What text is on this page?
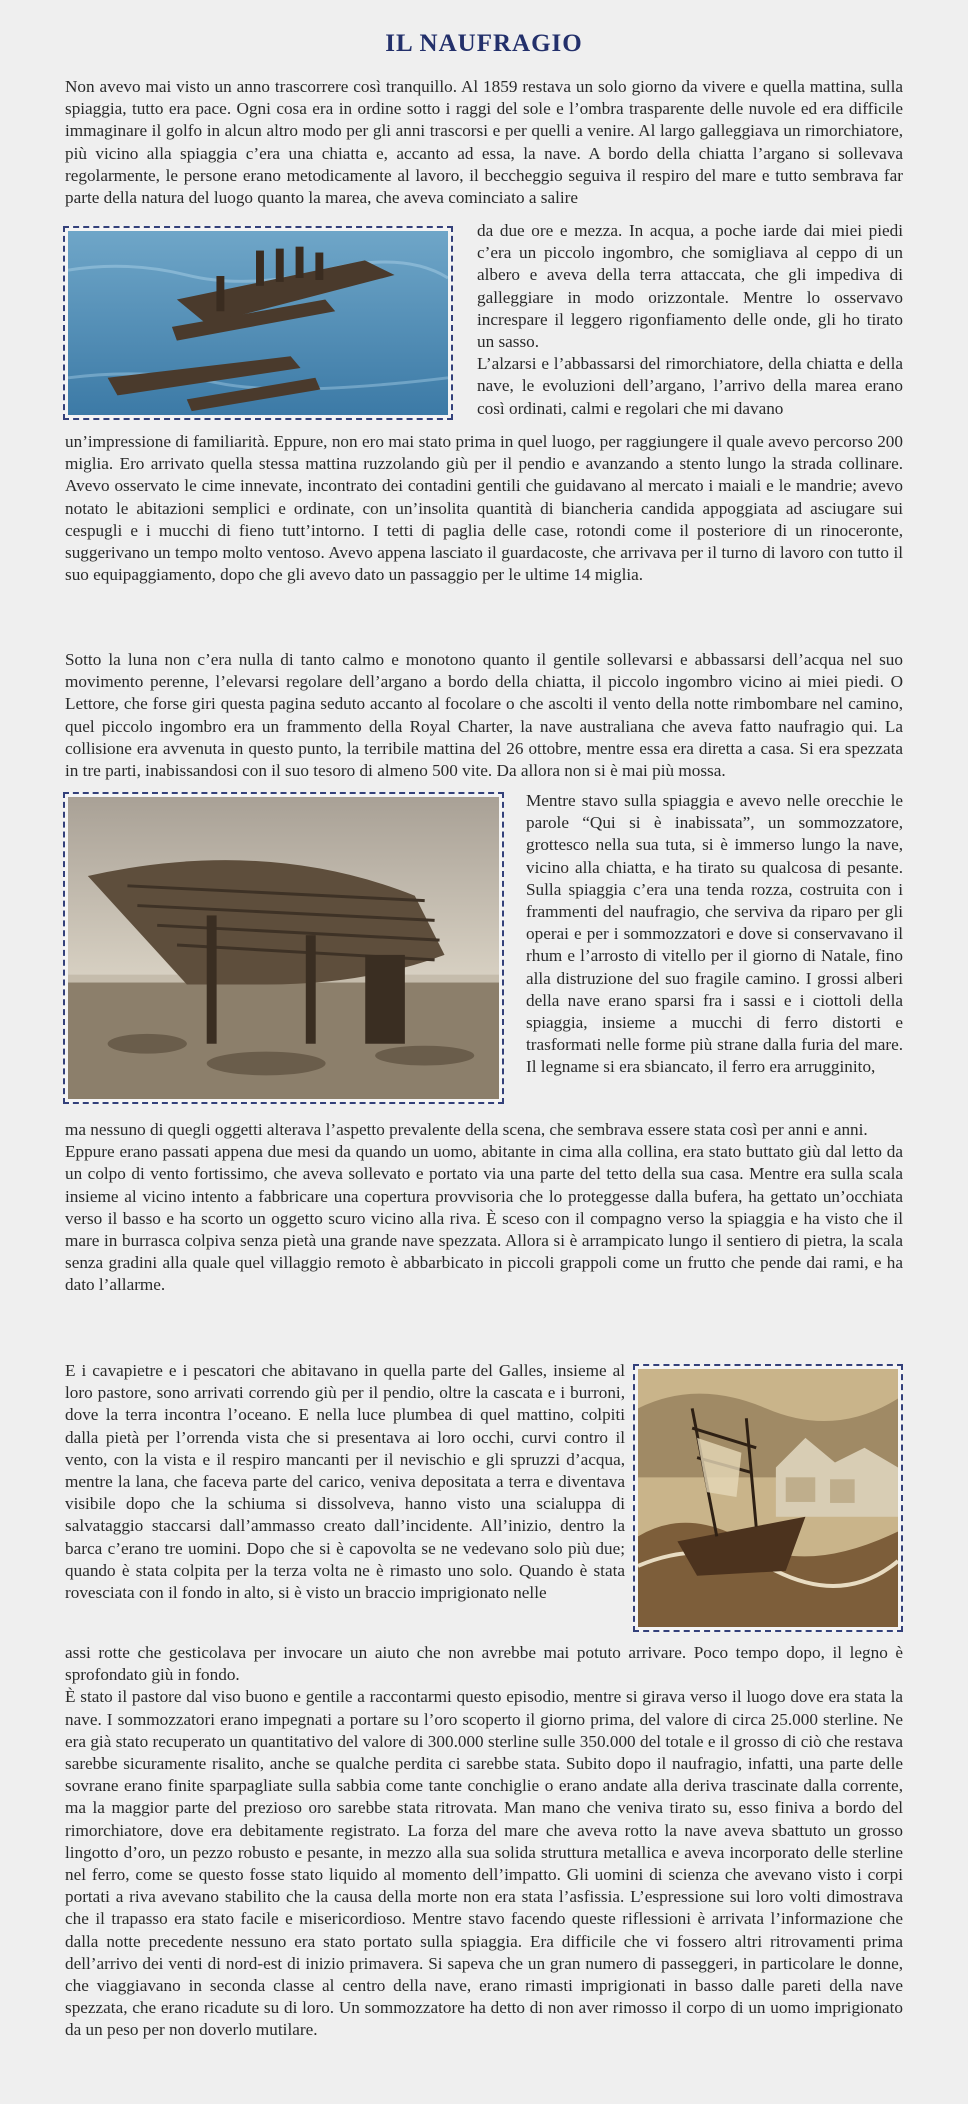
IL NAUFRAGIO

Non avevo mai visto un anno trascorrere così tranquillo. Al 1859 restava un solo giorno da vivere e quella mattina, sulla spiaggia, tutto era pace. Ogni cosa era in ordine sotto i raggi del sole e l’ombra trasparente delle nuvole ed era difficile immaginare il golfo in alcun altro modo per gli anni trascorsi e per quelli a venire. Al largo galleggiava un rimorchiatore, più vicino alla spiaggia c’era una chiatta e, accanto ad essa, la nave. A bordo della chiatta l’argano si sollevava regolarmente, le persone erano metodicamente al lavoro, il beccheggio seguiva il respiro del mare e tutto sembrava far parte della natura del luogo quanto la marea, che aveva cominciato a salire

da due ore e mezza. In acqua, a poche iarde dai miei piedi c’era un piccolo ingombro, che somigliava al ceppo di un albero e aveva della terra attaccata, che gli impediva di galleggiare in modo orizzontale. Mentre lo osservavo increspare il leggero rigonfiamento delle onde, gli ho tirato un sasso.

L’alzarsi e l’abbassarsi del rimorchiatore, della chiatta e della nave, le evoluzioni dell’argano, l’arrivo della marea erano così ordinati, calmi e regolari che mi davano

un’impressione di familiarità. Eppure, non ero mai stato prima in quel luogo, per raggiungere il quale avevo percorso 200 miglia. Ero arrivato quella stessa mattina ruzzolando giù per il pendio e avanzando a stento lungo la strada collinare. Avevo osservato le cime innevate, incontrato dei contadini gentili che guidavano al mercato i maiali e le mandrie; avevo notato le abitazioni semplici e ordinate, con un’insolita quantità di biancheria candida appoggiata ad asciugare sui cespugli e i mucchi di fieno tutt’intorno. I tetti di paglia delle case, rotondi come il posteriore di un rinoceronte, suggerivano un tempo molto ventoso. Avevo appena lasciato il guardacoste, che arrivava per il turno di lavoro con tutto il suo equipaggiamento, dopo che gli avevo dato un passaggio per le ultime 14 miglia.

Sotto la luna non c’era nulla di tanto calmo e monotono quanto il gentile sollevarsi e abbassarsi dell’acqua nel suo movimento perenne, l’elevarsi regolare dell’argano a bordo della chiatta, il piccolo ingombro vicino ai miei piedi. O Lettore, che forse giri questa pagina seduto accanto al focolare o che ascolti il vento della notte rimbombare nel camino, quel piccolo ingombro era un frammento della Royal Charter, la nave australiana che aveva fatto naufragio qui. La collisione era avvenuta in questo punto, la terribile mattina del 26 ottobre, mentre essa era diretta a casa. Si era spezzata in tre parti, inabissandosi con il suo tesoro di almeno 500 vite. Da allora non si è mai più mossa.

Mentre stavo sulla spiaggia e avevo nelle orecchie le parole “Qui si è inabissata”, un sommozzatore, grottesco nella sua tuta, si è immerso lungo la nave, vicino alla chiatta, e ha tirato su qualcosa di pesante. Sulla spiaggia c’era una tenda rozza, costruita con i frammenti del naufragio, che serviva da riparo per gli operai e per i sommozzatori e dove si conservavano il rhum e l’arrosto di vitello per il giorno di Natale, fino alla distruzione del suo fragile camino. I grossi alberi della nave erano sparsi fra i sassi e i ciottoli della spiaggia, insieme a mucchi di ferro distorti e trasformati nelle forme più strane dalla furia del mare. Il legname si era sbiancato, il ferro era arrugginito,

ma nessuno di quegli oggetti alterava l’aspetto prevalente della scena, che sembrava essere stata così per anni e anni.

Eppure erano passati appena due mesi da quando un uomo, abitante in cima alla collina, era stato buttato giù dal letto da un colpo di vento fortissimo, che aveva sollevato e portato via una parte del tetto della sua casa. Mentre era sulla scala insieme al vicino intento a fabbricare una copertura provvisoria che lo proteggesse dalla bufera, ha gettato un’occhiata verso il basso e ha scorto un oggetto scuro vicino alla riva. È sceso con il compagno verso la spiaggia e ha visto che il mare in burrasca colpiva senza pietà una grande nave spezzata. Allora si è arrampicato lungo il sentiero di pietra, la scala senza gradini alla quale quel villaggio remoto è abbarbicato in piccoli grappoli come un frutto che pende dai rami, e ha dato l’allarme.

E i cavapietre e i pescatori che abitavano in quella parte del Galles, insieme al loro pastore, sono arrivati correndo giù per il pendio, oltre la cascata e i burroni, dove la terra incontra l’oceano. E nella luce plumbea di quel mattino, colpiti dalla pietà per l’orrenda vista che si presentava ai loro occhi, curvi contro il vento, con la vista e il respiro mancanti per il nevischio e gli spruzzi d’acqua, mentre la lana, che faceva parte del carico, veniva depositata a terra e diventava visibile dopo che la schiuma si dissolveva, hanno visto una scialuppa di salvataggio staccarsi dall’ammasso creato dall’incidente. All’inizio, dentro la barca c’erano tre uomini. Dopo che si è capovolta se ne vedevano solo più due; quando è stata colpita per la terza volta ne è rimasto uno solo. Quando è stata rovesciata con il fondo in alto, si è visto un braccio imprigionato nelle

assi rotte che gesticolava per invocare un aiuto che non avrebbe mai potuto arrivare. Poco tempo dopo, il legno è sprofondato giù in fondo.

È stato il pastore dal viso buono e gentile a raccontarmi questo episodio, mentre si girava verso il luogo dove era stata la nave. I sommozzatori erano impegnati a portare su l’oro scoperto il giorno prima, del valore di circa 25.000 sterline. Ne era già stato recuperato un quantitativo del valore di 300.000 sterline sulle 350.000 del totale e il grosso di ciò che restava sarebbe sicuramente risalito, anche se qualche perdita ci sarebbe stata. Subito dopo il naufragio, infatti, una parte delle sovrane erano finite sparpagliate sulla sabbia come tante conchiglie o erano andate alla deriva trascinate dalla corrente, ma la maggior parte del prezioso oro sarebbe stata ritrovata. Man mano che veniva tirato su, esso finiva a bordo del rimorchiatore, dove era debitamente registrato. La forza del mare che aveva rotto la nave aveva sbattuto un grosso lingotto d’oro, un pezzo robusto e pesante, in mezzo alla sua solida struttura metallica e aveva incorporato delle sterline nel ferro, come se questo fosse stato liquido al momento dell’impatto. Gli uomini di scienza che avevano visto i corpi portati a riva avevano stabilito che la causa della morte non era stata l’asfissia. L’espressione sui loro volti dimostrava che il trapasso era stato facile e misericordioso. Mentre stavo facendo queste riflessioni è arrivata l’informazione che dalla notte precedente nessuno era stato portato sulla spiaggia. Era difficile che vi fossero altri ritrovamenti prima dell’arrivo dei venti di nord-est di inizio primavera. Si sapeva che un gran numero di passeggeri, in particolare le donne, che viaggiavano in seconda classe al centro della nave, erano rimasti imprigionati in basso dalle pareti della nave spezzata, che erano ricadute su di loro. Un sommozzatore ha detto di non aver rimosso il corpo di un uomo imprigionato da un peso per non doverlo mutilare.
